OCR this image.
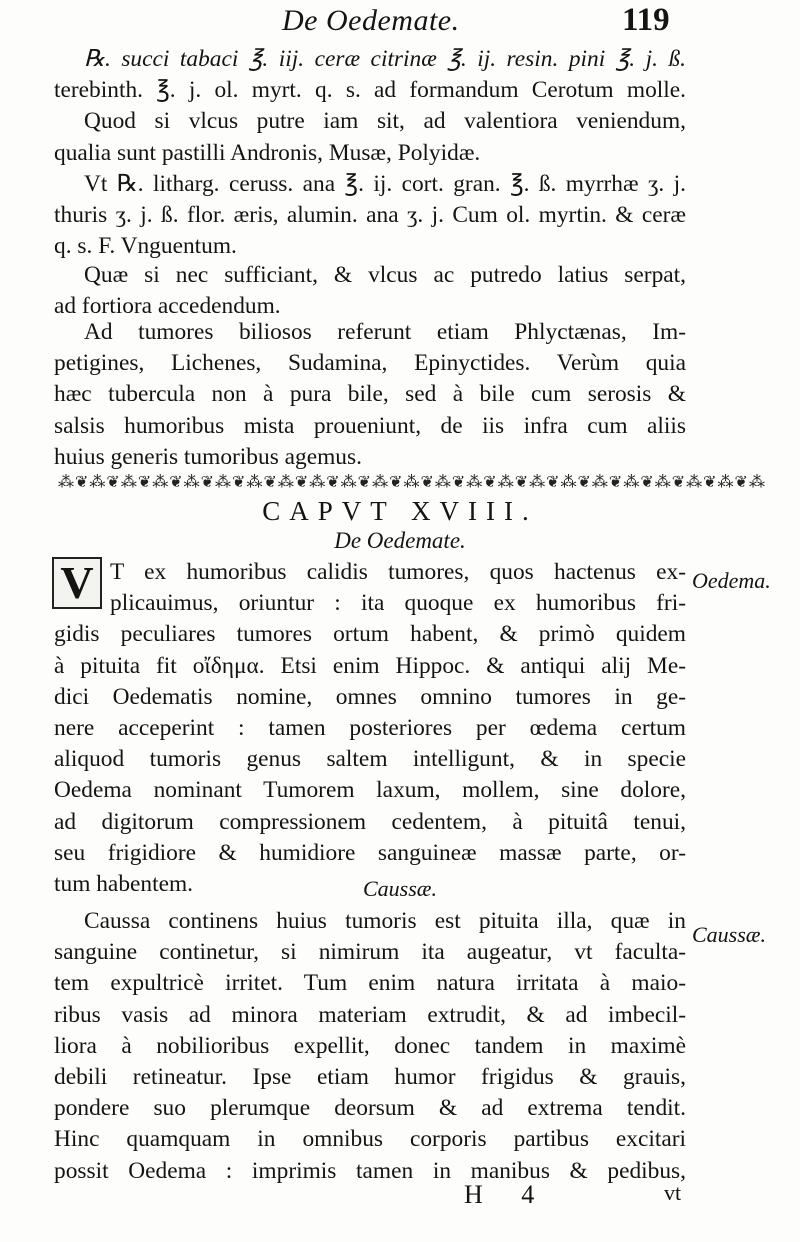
De Oedemate.	119
℞. succi tabaci ℥. iij. ceræ citrinæ ℥. ij. resin. pini ℥. j. ß.
terebinth. ℥. j. ol. myrt. q. s. ad formandum Cerotum molle.
Quod si vlcus putre iam sit, ad valentiora veniendum,
qualia sunt pastilli Andronis, Musæ, Polyidæ.
Vt ℞. litharg. ceruss. ana ℥. ij. cort. gran. ℥. ß. myrrhæ ʒ. j.
thuris ʒ. j. ß. flor. æris, alumin. ana ʒ. j. Cum ol. myrtin. & ceræ
q. s. F. Vnguentum.
Quæ si nec sufficiant, & vlcus ac putredo latius serpat,
ad fortiora accedendum.
Ad tumores biliosos referunt etiam Phlyctænas, Im-
petigines, Lichenes, Sudamina, Epinyctides. Verùm quia
hæc tubercula non à pura bile, sed à bile cum serosis &
salsis humoribus mista proueniunt, de iis infra cum aliis
huius generis tumoribus agemus.
⁂❦⁂❦⁂❦⁂❦⁂❦⁂❦⁂❦⁂❦⁂❦⁂❦⁂❦⁂❦⁂❦⁂❦⁂❦⁂❦⁂❦⁂❦⁂❦⁂❦⁂❦⁂❦⁂
CAPVT XVIII.
De Oedemate.
V T ex humoribus calidis tumores, quos hactenus ex-
plicauimus, oriuntur : ita quoque ex humoribus fri-
gidis peculiares tumores ortum habent, & primò quidem
à pituita fit οἴδημα. Etsi enim Hippoc. & antiqui alij Me-
dici Oedematis nomine, omnes omnino tumores in ge-
nere acceperint : tamen posteriores per œdema certum
aliquod tumoris genus saltem intelligunt, & in specie
Oedema nominant Tumorem laxum, mollem, sine dolore,
ad digitorum compressionem cedentem, à pituitâ tenui,
seu frigidiore & humidiore sanguineæ massæ parte, or-
tum habentem.	Caussæ.
Caussa continens huius tumoris est pituita illa, quæ in
sanguine continetur, si nimirum ita augeatur, vt faculta-
tem expultricè irritet. Tum enim natura irritata à maio-
ribus vasis ad minora materiam extrudit, & ad imbecil-
liora à nobilioribus expellit, donec tandem in maximè
debili retineatur. Ipse etiam humor frigidus & grauis,
pondere suo plerumque deorsum & ad extrema tendit.
Hinc quamquam in omnibus corporis partibus excitari
possit Oedema : imprimis tamen in manibus & pedibus,
Oedema.
Caussæ.
H 4	vt
